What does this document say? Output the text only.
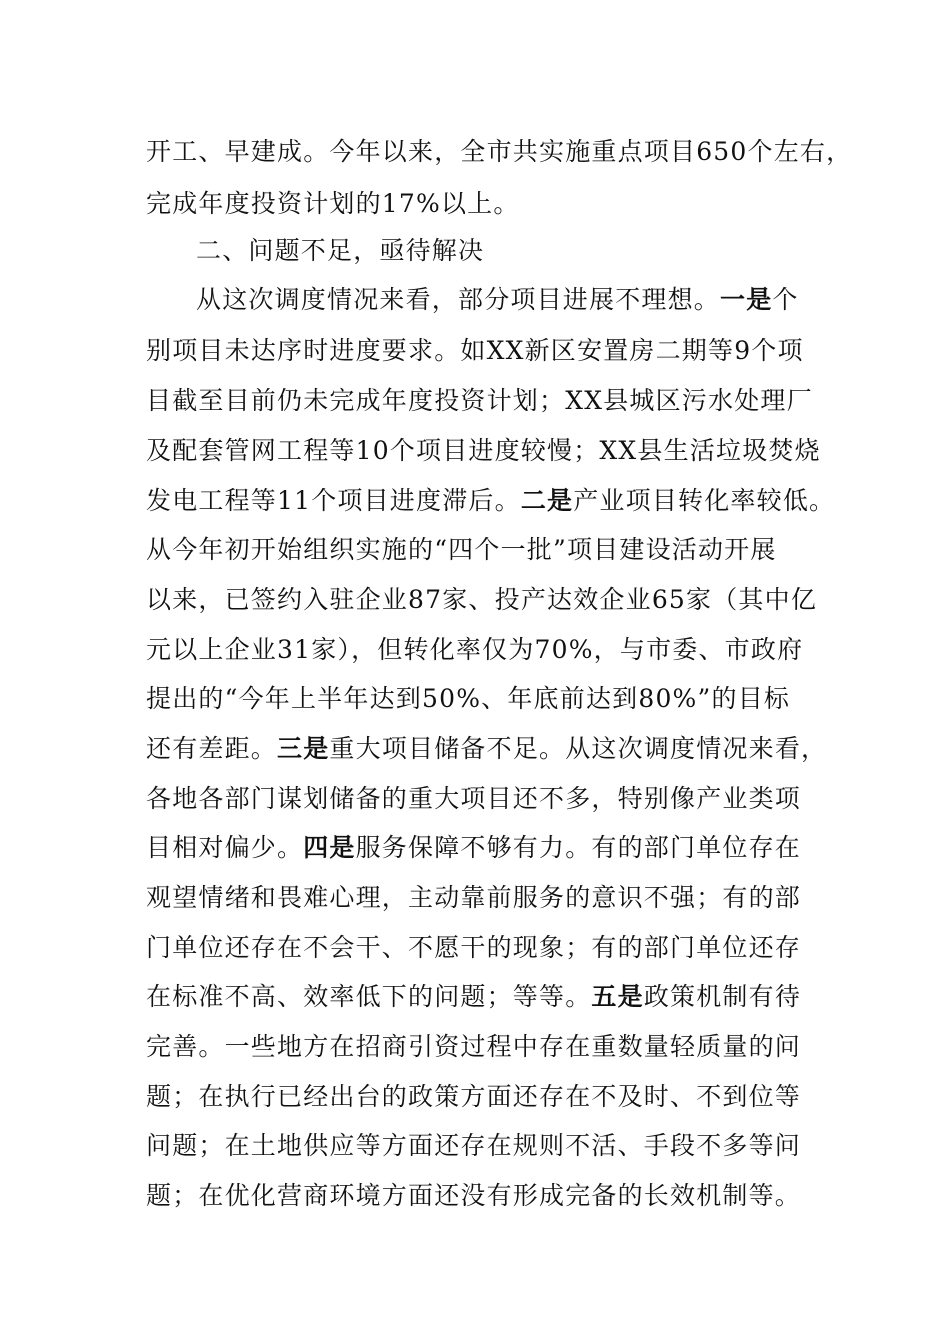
开工、早建成。今年以来，全市共实施重点项目650个左右，
完成年度投资计划的17%以上。
二、问题不足，亟待解决
从这次调度情况来看，部分项目进展不理想。一是个
别项目未达序时进度要求。如XX新区安置房二期等9个项
目截至目前仍未完成年度投资计划；XX县城区污水处理厂
及配套管网工程等10个项目进度较慢；XX县生活垃圾焚烧
发电工程等11个项目进度滞后。二是产业项目转化率较低。
从今年初开始组织实施的“四个一批”项目建设活动开展
以来，已签约入驻企业87家、投产达效企业65家（其中亿
元以上企业31家），但转化率仅为70%，与市委、市政府
提出的“今年上半年达到50%、年底前达到80%”的目标
还有差距。三是重大项目储备不足。从这次调度情况来看，
各地各部门谋划储备的重大项目还不多，特别像产业类项
目相对偏少。四是服务保障不够有力。有的部门单位存在
观望情绪和畏难心理，主动靠前服务的意识不强；有的部
门单位还存在不会干、不愿干的现象；有的部门单位还存
在标准不高、效率低下的问题；等等。五是政策机制有待
完善。一些地方在招商引资过程中存在重数量轻质量的问
题；在执行已经出台的政策方面还存在不及时、不到位等
问题；在土地供应等方面还存在规则不活、手段不多等问
题；在优化营商环境方面还没有形成完备的长效机制等。
